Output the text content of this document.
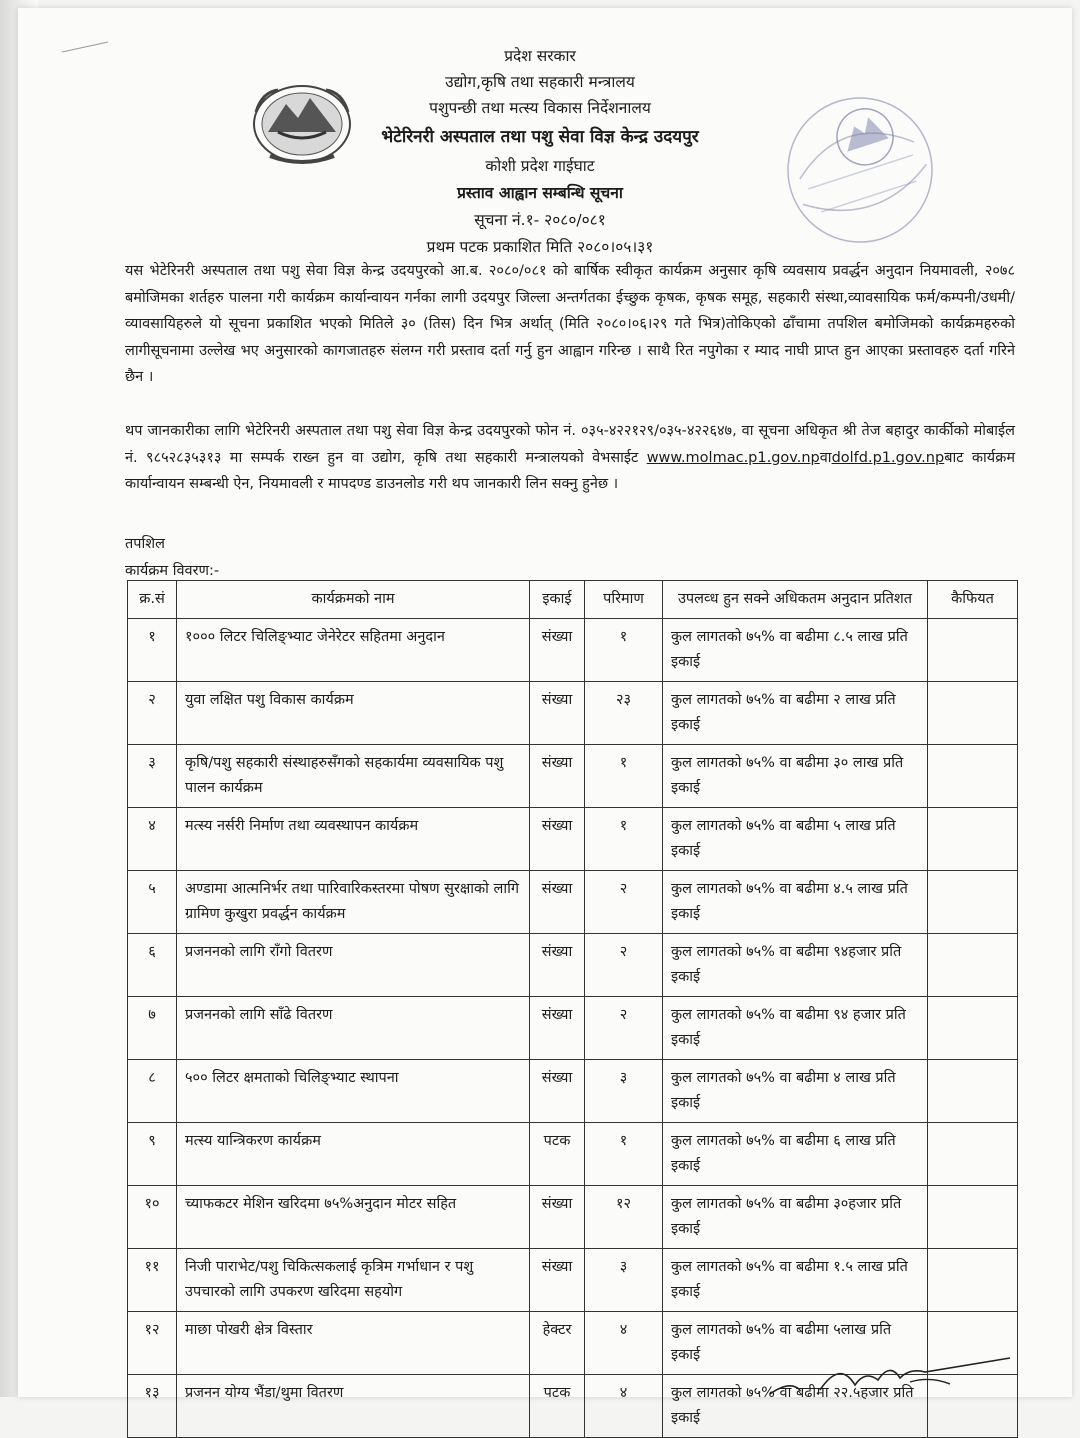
प्रदेश सरकार
उद्योग,कृषि तथा सहकारी मन्त्रालय
पशुपन्छी तथा मत्स्य विकास निर्देशनालय
भेटेरिनरी अस्पताल तथा पशु सेवा विज्ञ केन्द्र उदयपुर
कोशी प्रदेश गाईघाट
प्रस्ताव आह्वान सम्बन्धि सूचना
सूचना नं.१- २०८०/०८१
प्रथम पटक प्रकाशित मिति २०८०।०५।३१
यस भेटेरिनरी अस्पताल तथा पशु सेवा विज्ञ केन्द्र उदयपुरको आ.ब. २०८०/०८१ को बार्षिक स्वीकृत कार्यक्रम अनुसार कृषि व्यवसाय प्रवर्द्धन अनुदान नियमावली, २०७८ बमोजिमका शर्तहरु पालना गरी कार्यक्रम कार्यान्वायन गर्नका लागी उदयपुर जिल्ला अन्तर्गतका ईच्छुक कृषक, कृषक समूह, सहकारी संस्था,व्यावसायिक फर्म/कम्पनी/उधमी/व्यावसायिहरुले यो सूचना प्रकाशित भएको मितिले ३० (तिस) दिन भित्र अर्थात् (मिति २०८०।०६।२९ गते भित्र)तोकिएको ढाँचामा तपशिल बमोजिमको कार्यक्रमहरुको लागीसूचनामा उल्लेख भए अनुसारको कागजातहरु संलग्न गरी प्रस्ताव दर्ता गर्नु हुन आह्वान गरिन्छ । साथै रित नपुगेका र म्याद नाघी प्राप्त हुन आएका प्रस्तावहरु दर्ता गरिने छैन ।
थप जानकारीका लागि भेटेरिनरी अस्पताल तथा पशु सेवा विज्ञ केन्द्र उदयपुरको फोन नं. ०३५-४२२१२९/०३५-४२२६४७, वा सूचना अधिकृत श्री तेज बहादुर कार्कीको मोबाईल नं. ९८५२८३५३१३ मा सम्पर्क राख्न हुन वा उद्योग, कृषि तथा सहकारी मन्त्रालयको वेभसाईट www.molmac.p1.gov.npवाdolfd.p1.gov.npबाट कार्यक्रम कार्यान्वायन सम्बन्धी ऐन, नियमावली र मापदण्ड डाउनलोड गरी थप जानकारी लिन सक्नु हुनेछ ।
तपशिल
कार्यक्रम विवरण:-
क्र.सं	कार्यक्रमको नाम	इकाई	परिमाण	उपलव्ध हुन सक्ने अधिकतम अनुदान प्रतिशत	कैफियत
१	१००० लिटर चिलिङ्भ्याट जेनेरेटर सहितमा अनुदान	संख्या	१	कुल लागतको ७५% वा बढीमा ८.५ लाख प्रति इकाई	
२	युवा लक्षित पशु विकास कार्यक्रम	संख्या	२३	कुल लागतको ७५% वा बढीमा २ लाख प्रति इकाई	
३	कृषि/पशु सहकारी संस्थाहरुसँगको सहकार्यमा व्यवसायिक पशु पालन कार्यक्रम	संख्या	१	कुल लागतको ७५% वा बढीमा ३० लाख प्रति इकाई	
४	मत्स्य नर्सरी निर्माण तथा व्यवस्थापन कार्यक्रम	संख्या	१	कुल लागतको ७५% वा बढीमा ५ लाख प्रति इकाई	
५	अण्डामा आत्मनिर्भर तथा पारिवारिकस्तरमा पोषण सुरक्षाको लागि ग्रामिण कुखुरा प्रवर्द्धन कार्यक्रम	संख्या	२	कुल लागतको ७५% वा बढीमा ४.५ लाख प्रति इकाई	
६	प्रजननको लागि राँगो वितरण	संख्या	२	कुल लागतको ७५% वा बढीमा ९४हजार प्रति इकाई	
७	प्रजननको लागि साँढे वितरण	संख्या	२	कुल लागतको ७५% वा बढीमा ९४ हजार प्रति इकाई	
८	५०० लिटर क्षमताको चिलिङ्भ्याट स्थापना	संख्या	३	कुल लागतको ७५% वा बढीमा ४ लाख प्रति इकाई	
९	मत्स्य यान्त्रिकरण कार्यक्रम	पटक	१	कुल लागतको ७५% वा बढीमा ६ लाख प्रति इकाई	
१०	च्याफकटर मेशिन खरिदमा ७५%अनुदान मोटर सहित	संख्या	१२	कुल लागतको ७५% वा बढीमा ३०हजार प्रति इकाई	
११	निजी पाराभेट/पशु चिकित्सकलाई कृत्रिम गर्भाधान र पशु उपचारको लागि उपकरण खरिदमा सहयोग	संख्या	३	कुल लागतको ७५% वा बढीमा १.५ लाख प्रति इकाई	
१२	माछा पोखरी क्षेत्र विस्तार	हेक्टर	४	कुल लागतको ७५% वा बढीमा ५लाख प्रति इकाई	
१३	प्रजनन योग्य भैंडा/थुमा वितरण	पटक	४	कुल लागतको ७५% वा बढीमा २२.५हजार प्रति इकाई	
